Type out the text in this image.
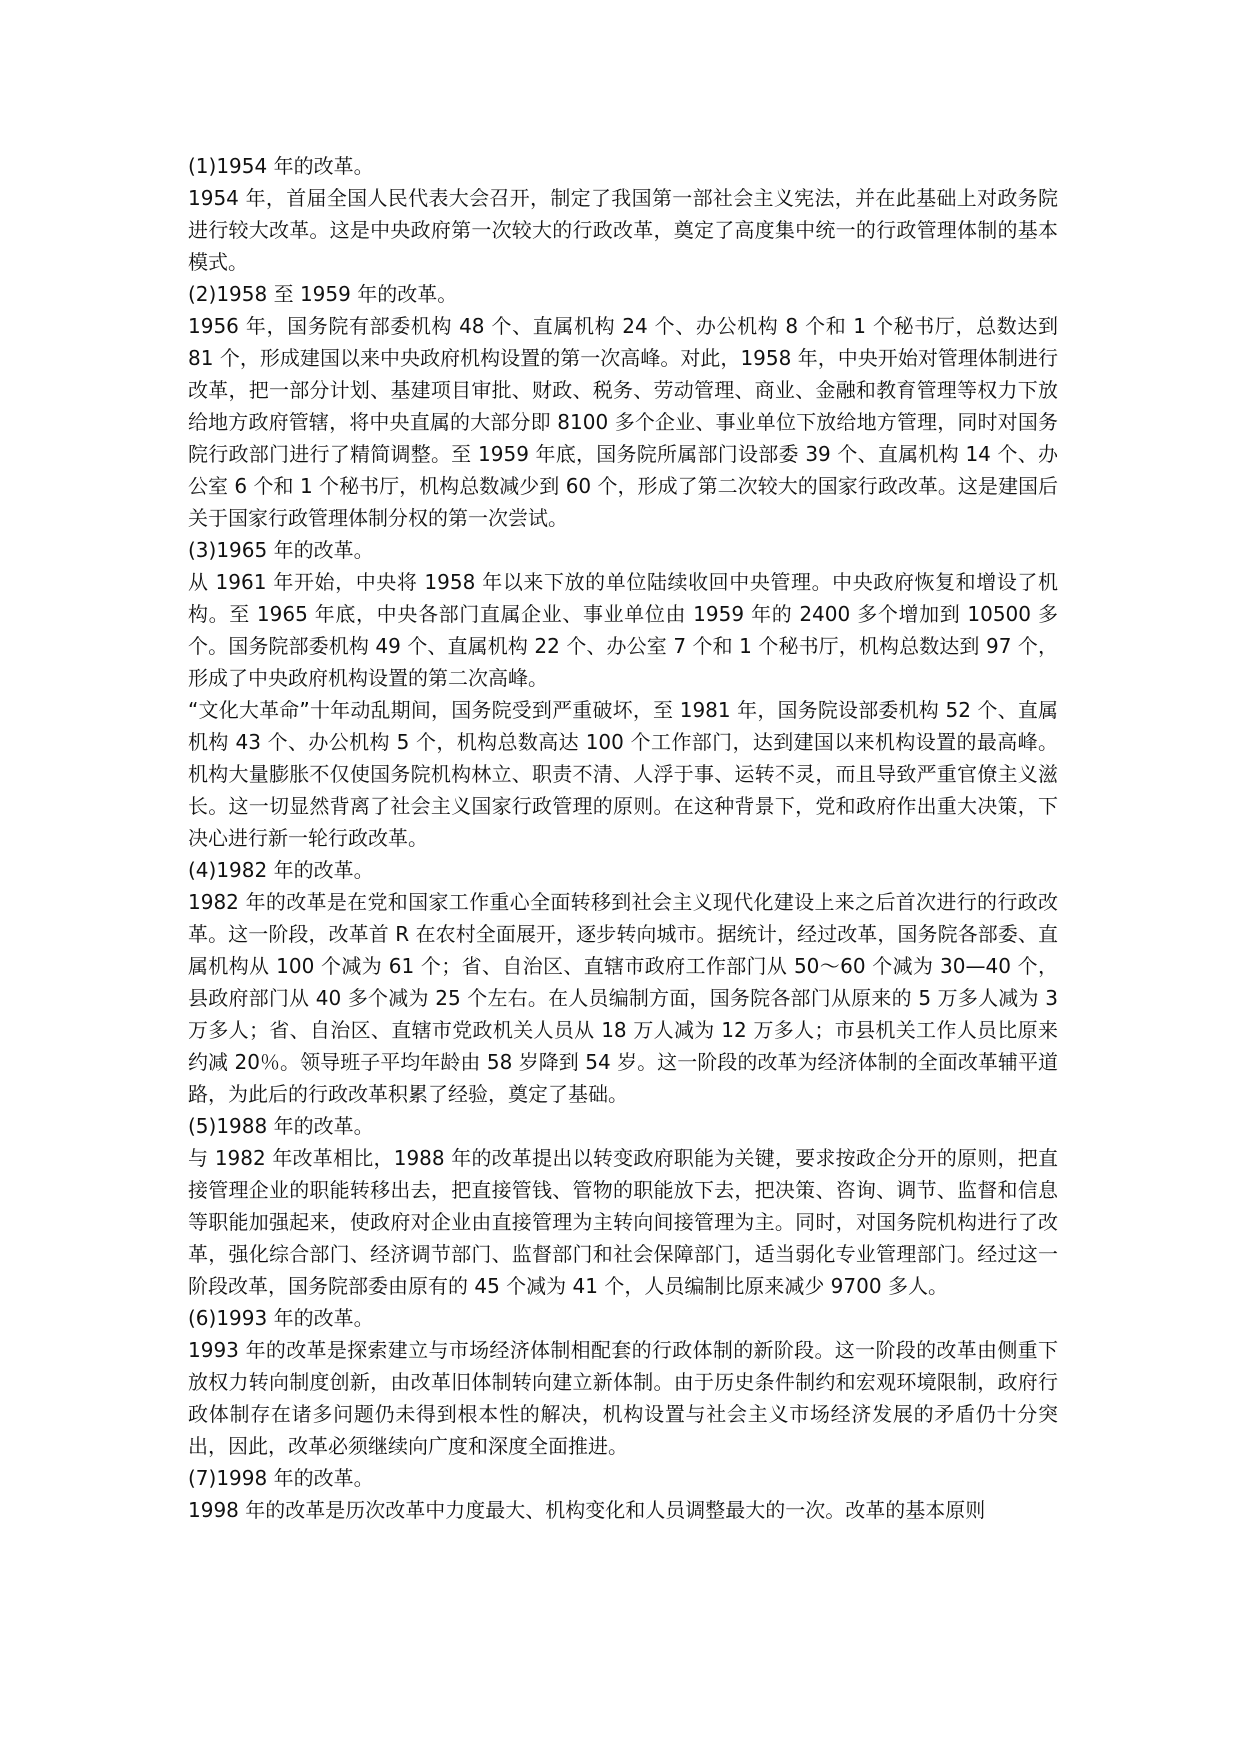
(1)1954 年的改革。

1954 年，首届全国人民代表大会召开，制定了我国第一部社会主义宪法，并在此基础上对政务院进行较大改革。这是中央政府第一次较大的行政改革，奠定了高度集中统一的行政管理体制的基本模式。

(2)1958 至 1959 年的改革。

1956 年，国务院有部委机构 48 个、直属机构 24 个、办公机构 8 个和 1 个秘书厅，总数达到 81 个，形成建国以来中央政府机构设置的第一次高峰。对此，1958 年，中央开始对管理体制进行改革，把一部分计划、基建项目审批、财政、税务、劳动管理、商业、金融和教育管理等权力下放给地方政府管辖，将中央直属的大部分即 8100 多个企业、事业单位下放给地方管理，同时对国务院行政部门进行了精简调整。至 1959 年底，国务院所属部门设部委 39 个、直属机构 14 个、办公室 6 个和 1 个秘书厅，机构总数减少到 60 个，形成了第二次较大的国家行政改革。这是建国后关于国家行政管理体制分权的第一次尝试。

(3)1965 年的改革。

从 1961 年开始，中央将 1958 年以来下放的单位陆续收回中央管理。中央政府恢复和增设了机构。至 1965 年底，中央各部门直属企业、事业单位由 1959 年的 2400 多个增加到 10500 多个。国务院部委机构 49 个、直属机构 22 个、办公室 7 个和 1 个秘书厅，机构总数达到 97 个，形成了中央政府机构设置的第二次高峰。

“文化大革命”十年动乱期间，国务院受到严重破坏，至 1981 年，国务院设部委机构 52 个、直属机构 43 个、办公机构 5 个，机构总数高达 100 个工作部门，达到建国以来机构设置的最高峰。机构大量膨胀不仅使国务院机构林立、职责不清、人浮于事、运转不灵，而且导致严重官僚主义滋长。这一切显然背离了社会主义国家行政管理的原则。在这种背景下，党和政府作出重大决策，下决心进行新一轮行政改革。

(4)1982 年的改革。

1982 年的改革是在党和国家工作重心全面转移到社会主义现代化建设上来之后首次进行的行政改革。这一阶段，改革首 R 在农村全面展开，逐步转向城市。据统计，经过改革，国务院各部委、直属机构从 100 个减为 61 个；省、自治区、直辖市政府工作部门从 50～60 个减为 30—40 个，县政府部门从 40 多个减为 25 个左右。在人员编制方面，国务院各部门从原来的 5 万多人减为 3 万多人；省、自治区、直辖市党政机关人员从 18 万人减为 12 万多人；市县机关工作人员比原来约减 20％。领导班子平均年龄由 58 岁降到 54 岁。这一阶段的改革为经济体制的全面改革辅平道路，为此后的行政改革积累了经验，奠定了基础。

(5)1988 年的改革。

与 1982 年改革相比，1988 年的改革提出以转变政府职能为关键，要求按政企分开的原则，把直接管理企业的职能转移出去，把直接管钱、管物的职能放下去，把决策、咨询、调节、监督和信息等职能加强起来，使政府对企业由直接管理为主转向间接管理为主。同时，对国务院机构进行了改革，强化综合部门、经济调节部门、监督部门和社会保障部门，适当弱化专业管理部门。经过这一阶段改革，国务院部委由原有的 45 个减为 41 个，人员编制比原来减少 9700 多人。

(6)1993 年的改革。

1993 年的改革是探索建立与市场经济体制相配套的行政体制的新阶段。这一阶段的改革由侧重下放权力转向制度创新，由改革旧体制转向建立新体制。由于历史条件制约和宏观环境限制，政府行政体制存在诸多问题仍未得到根本性的解决，机构设置与社会主义市场经济发展的矛盾仍十分突出，因此，改革必须继续向广度和深度全面推进。

(7)1998 年的改革。

1998 年的改革是历次改革中力度最大、机构变化和人员调整最大的一次。改革的基本原则
